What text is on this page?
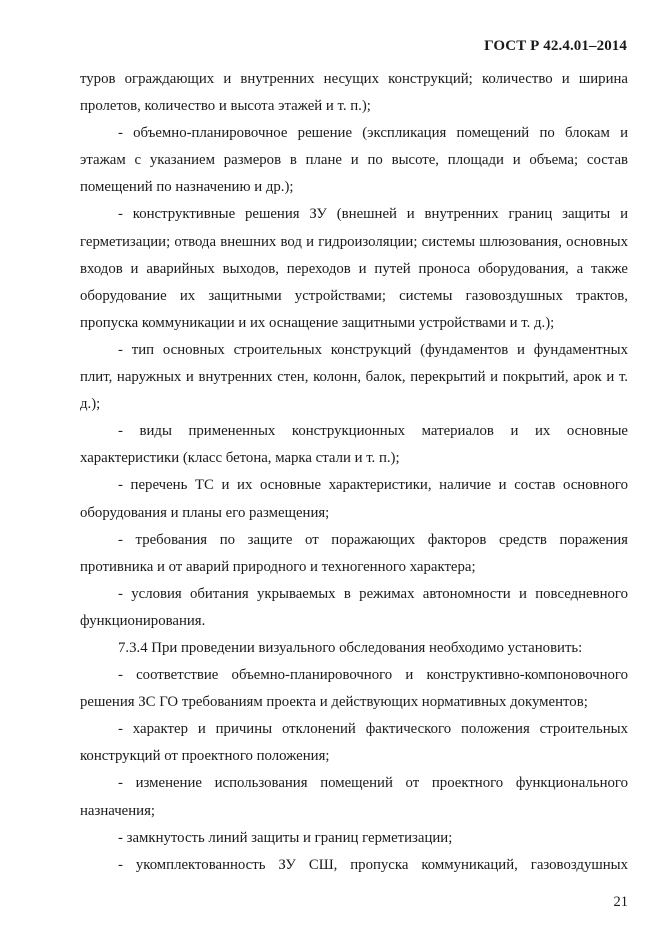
ГОСТ Р 42.4.01–2014

туров ограждающих и внутренних несущих конструкций; количество и ширина пролетов, количество и высота этажей и т. п.);

- объемно-планировочное решение (экспликация помещений по блокам и этажам с указанием размеров в плане и по высоте, площади и объема; состав помещений по назначению и др.);

- конструктивные решения ЗУ (внешней и внутренних границ защиты и герметизации; отвода внешних вод и гидроизоляции; системы шлюзования, основных входов и аварийных выходов, переходов и путей проноса оборудования, а также оборудование их защитными устройствами; системы газовоздушных трактов, пропуска коммуникации и их оснащение защитными устройствами и т. д.);

- тип основных строительных конструкций (фундаментов и фундаментных плит, наружных и внутренних стен, колонн, балок, перекрытий и покрытий, арок и т. д.);

- виды примененных конструкционных материалов и их основные характеристики (класс бетона, марка стали и т. п.);

- перечень ТС и их основные характеристики, наличие и состав основного оборудования и планы его размещения;

- требования по защите от поражающих факторов средств поражения противника и от аварий природного и техногенного характера;

- условия обитания укрываемых в режимах автономности и повседневного функционирования.

7.3.4 При проведении визуального обследования необходимо установить:

- соответствие объемно-планировочного и конструктивно-компоновочного решения ЗС ГО требованиям проекта и действующих нормативных документов;

- характер и причины отклонений фактического положения строительных конструкций от проектного положения;

- изменение использования помещений от проектного функционального назначения;

- замкнутость линий защиты и границ герметизации;

- укомплектованность ЗУ СШ, пропуска коммуникаций, газовоздушных

21
